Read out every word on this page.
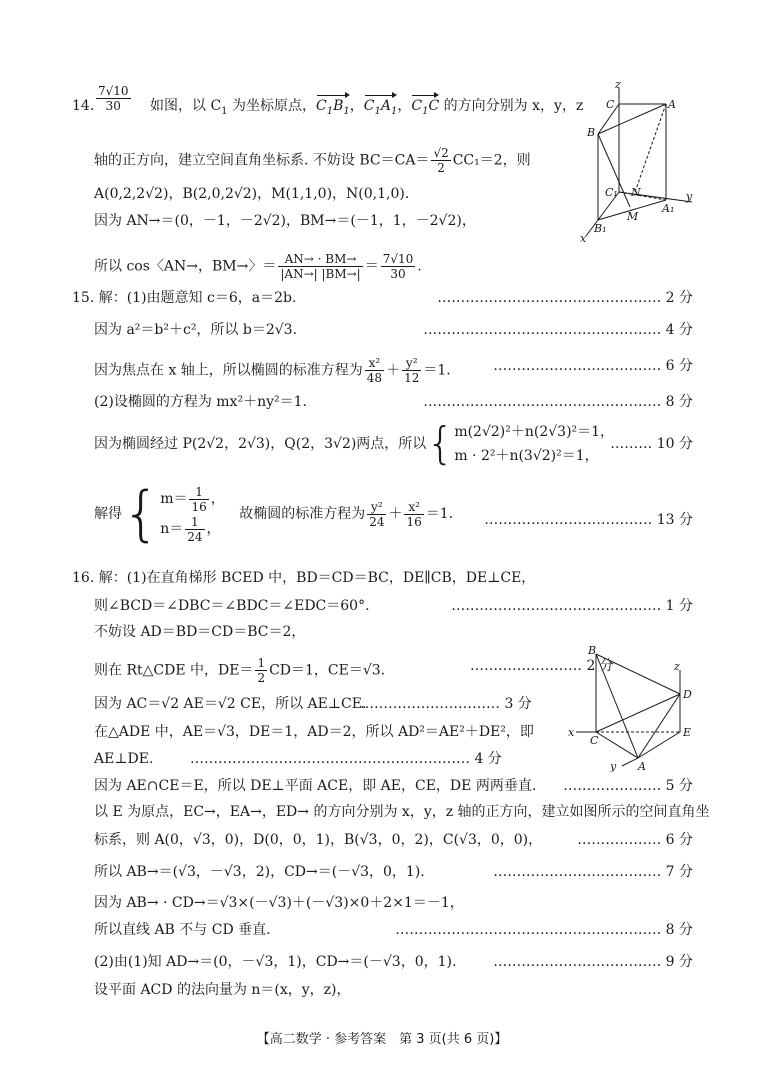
14. $\frac{7√10}{30}$ 如图，以 $C_1$ 为坐标原点，$C_1B_1$，$C_1A_1$，$C_1C$ 的方向分别为 x，y，z
轴的正方向，建立空间直角坐标系. 不妨设 $BC=CA= \frac{√2}{2} CC_1=2$，则
A(0,2,2√2)，B(2,0,2√2)，M(1,1,0)，N(0,1,0).
因为 AN→＝(0，－1，－2√2)，BM→＝(－1，1，－2√2)，
所以 cos〈AN→，BM→〉＝ $\frac{AN\to \cdot BM\to}{|AN\to| |BM\to|} = \frac{7√10}{30}$ .
z
C	A
B
C₁ N
M
A₁
y
B₁
x
15. 解：(1)由题意知 c＝6，a＝2b.	………………………………………… 2 分
因为 a²＝b²＋c²，所以 b＝2√3.	…………………………………………… 4 分
因为焦点在 x 轴上，所以椭圆的标准方程为 $\frac{\text{x²}}{48} + \frac{\text{y²}}{12} =1$.	……………………………… 6 分
(2)设椭圆的方程为 mx²＋ny²＝1.	…………………………………………… 8 分
因为椭圆经过 P(2√2，2√3)，Q(2，3√2)两点，所以{ m(2√2)²＋n(2√3)²＝1，
m · 2²＋n(3√2)²＝1，
……… 10 分
解得{ $m= \frac{1}{16}$ ，
$n= \frac{1}{24}$ ，
故椭圆的标准方程为 $\frac{\text{y²}}{24} + \frac{\text{x²}}{16} =1$.	……………………………… 13 分
16. 解：(1)在直角梯形 BCED 中，BD＝CD＝BC，DE∥CB，DE⊥CE，
则∠BCD＝∠DBC＝∠BDC＝∠EDC＝60°.	……………………………………… 1 分
不妨设 AD＝BD＝CD＝BC＝2，
则在 Rt△CDE 中，$DE= \frac{1}{2} CD=1$，CE＝√3.	…………………… 2 分
因为 AC＝√2 AE＝√2 CE，所以 AE⊥CE.
………………………… 3 分
在△ADE 中，AE＝√3，DE＝1，AD＝2，所以 AD²＝AE²＋DE²，即
AE⊥DE.	…………………………………………………… 4 分
因为 AE∩CE＝E，所以 DE⊥平面 ACE，即 AE，CE，DE 两两垂直.	………………… 5 分
以 E 为原点，EC→，EA→，ED→ 的方向分别为 x，y，z 轴的正方向，建立如图所示的空间直角坐
标系，则 A(0，√3，0)，D(0，0，1)，B(√3，0，2)，C(√3，0，0)，	……………… 6 分
所以 AB→＝(√3，－√3，2)，CD→＝(－√3，0，1).	……………………………… 7 分
因为 AB→ · CD→＝√3×(－√3)＋(－√3)×0＋2×1＝－1，
所以直线 AB 不与 CD 垂直.	………………………………………………… 8 分
(2)由(1)知 AD→＝(0，－√3，1)，CD→＝(－√3，0，1).	……………………………… 9 分
设平面 ACD 的法向量为 n＝(x，y，z)，
B
z
D
x
C
E
y A
【高二数学 · 参考答案　第 3 页(共 6 页)】
